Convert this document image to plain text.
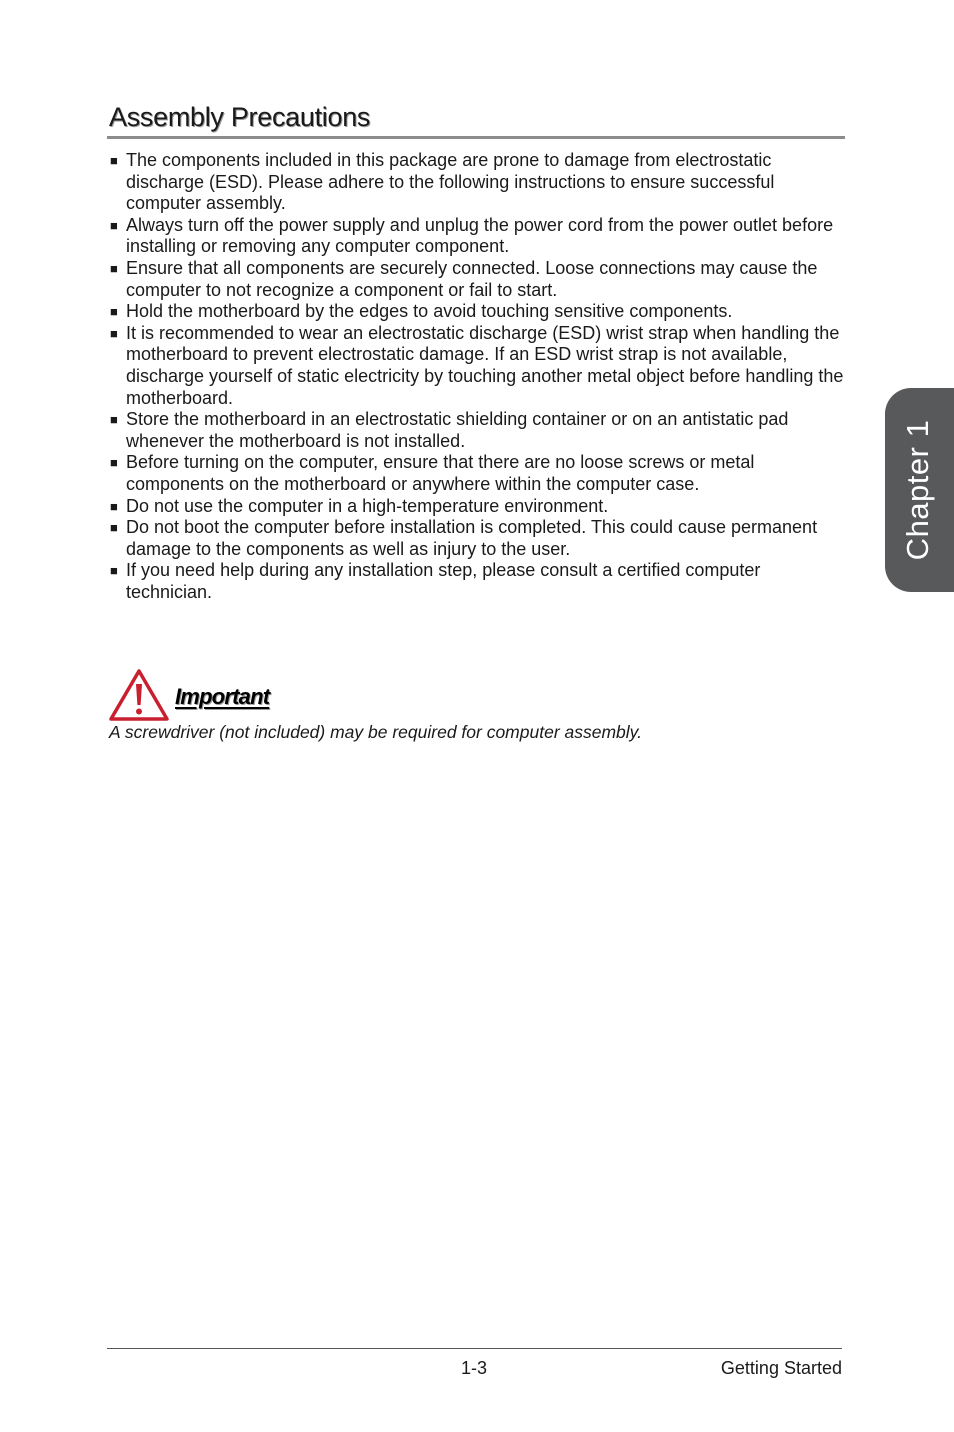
Assembly Precautions
■ The components included in this package are prone to damage from electrostatic discharge (ESD). Please adhere to the following instructions to ensure successful computer assembly.
■ Always turn off the power supply and unplug the power cord from the power outlet before installing or removing any computer component.
■ Ensure that all components are securely connected. Loose connections may cause the computer to not recognize a component or fail to start.
■ Hold the motherboard by the edges to avoid touching sensitive components.
■ It is recommended to wear an electrostatic discharge (ESD) wrist strap when handling the motherboard to prevent electrostatic damage. If an ESD wrist strap is not available, discharge yourself of static electricity by touching another metal object before handling the motherboard.
■ Store the motherboard in an electrostatic shielding container or on an antistatic pad whenever the motherboard is not installed.
■ Before turning on the computer, ensure that there are no loose screws or metal components on the motherboard or anywhere within the computer case.
■ Do not use the computer in a high-temperature environment.
■ Do not boot the computer before installation is completed. This could cause permanent damage to the components as well as injury to the user.
■ If you need help during any installation step, please consult a certified computer technician.
Chapter 1
Important
A screwdriver (not included) may be required for computer assembly.
1-3	Getting Started
